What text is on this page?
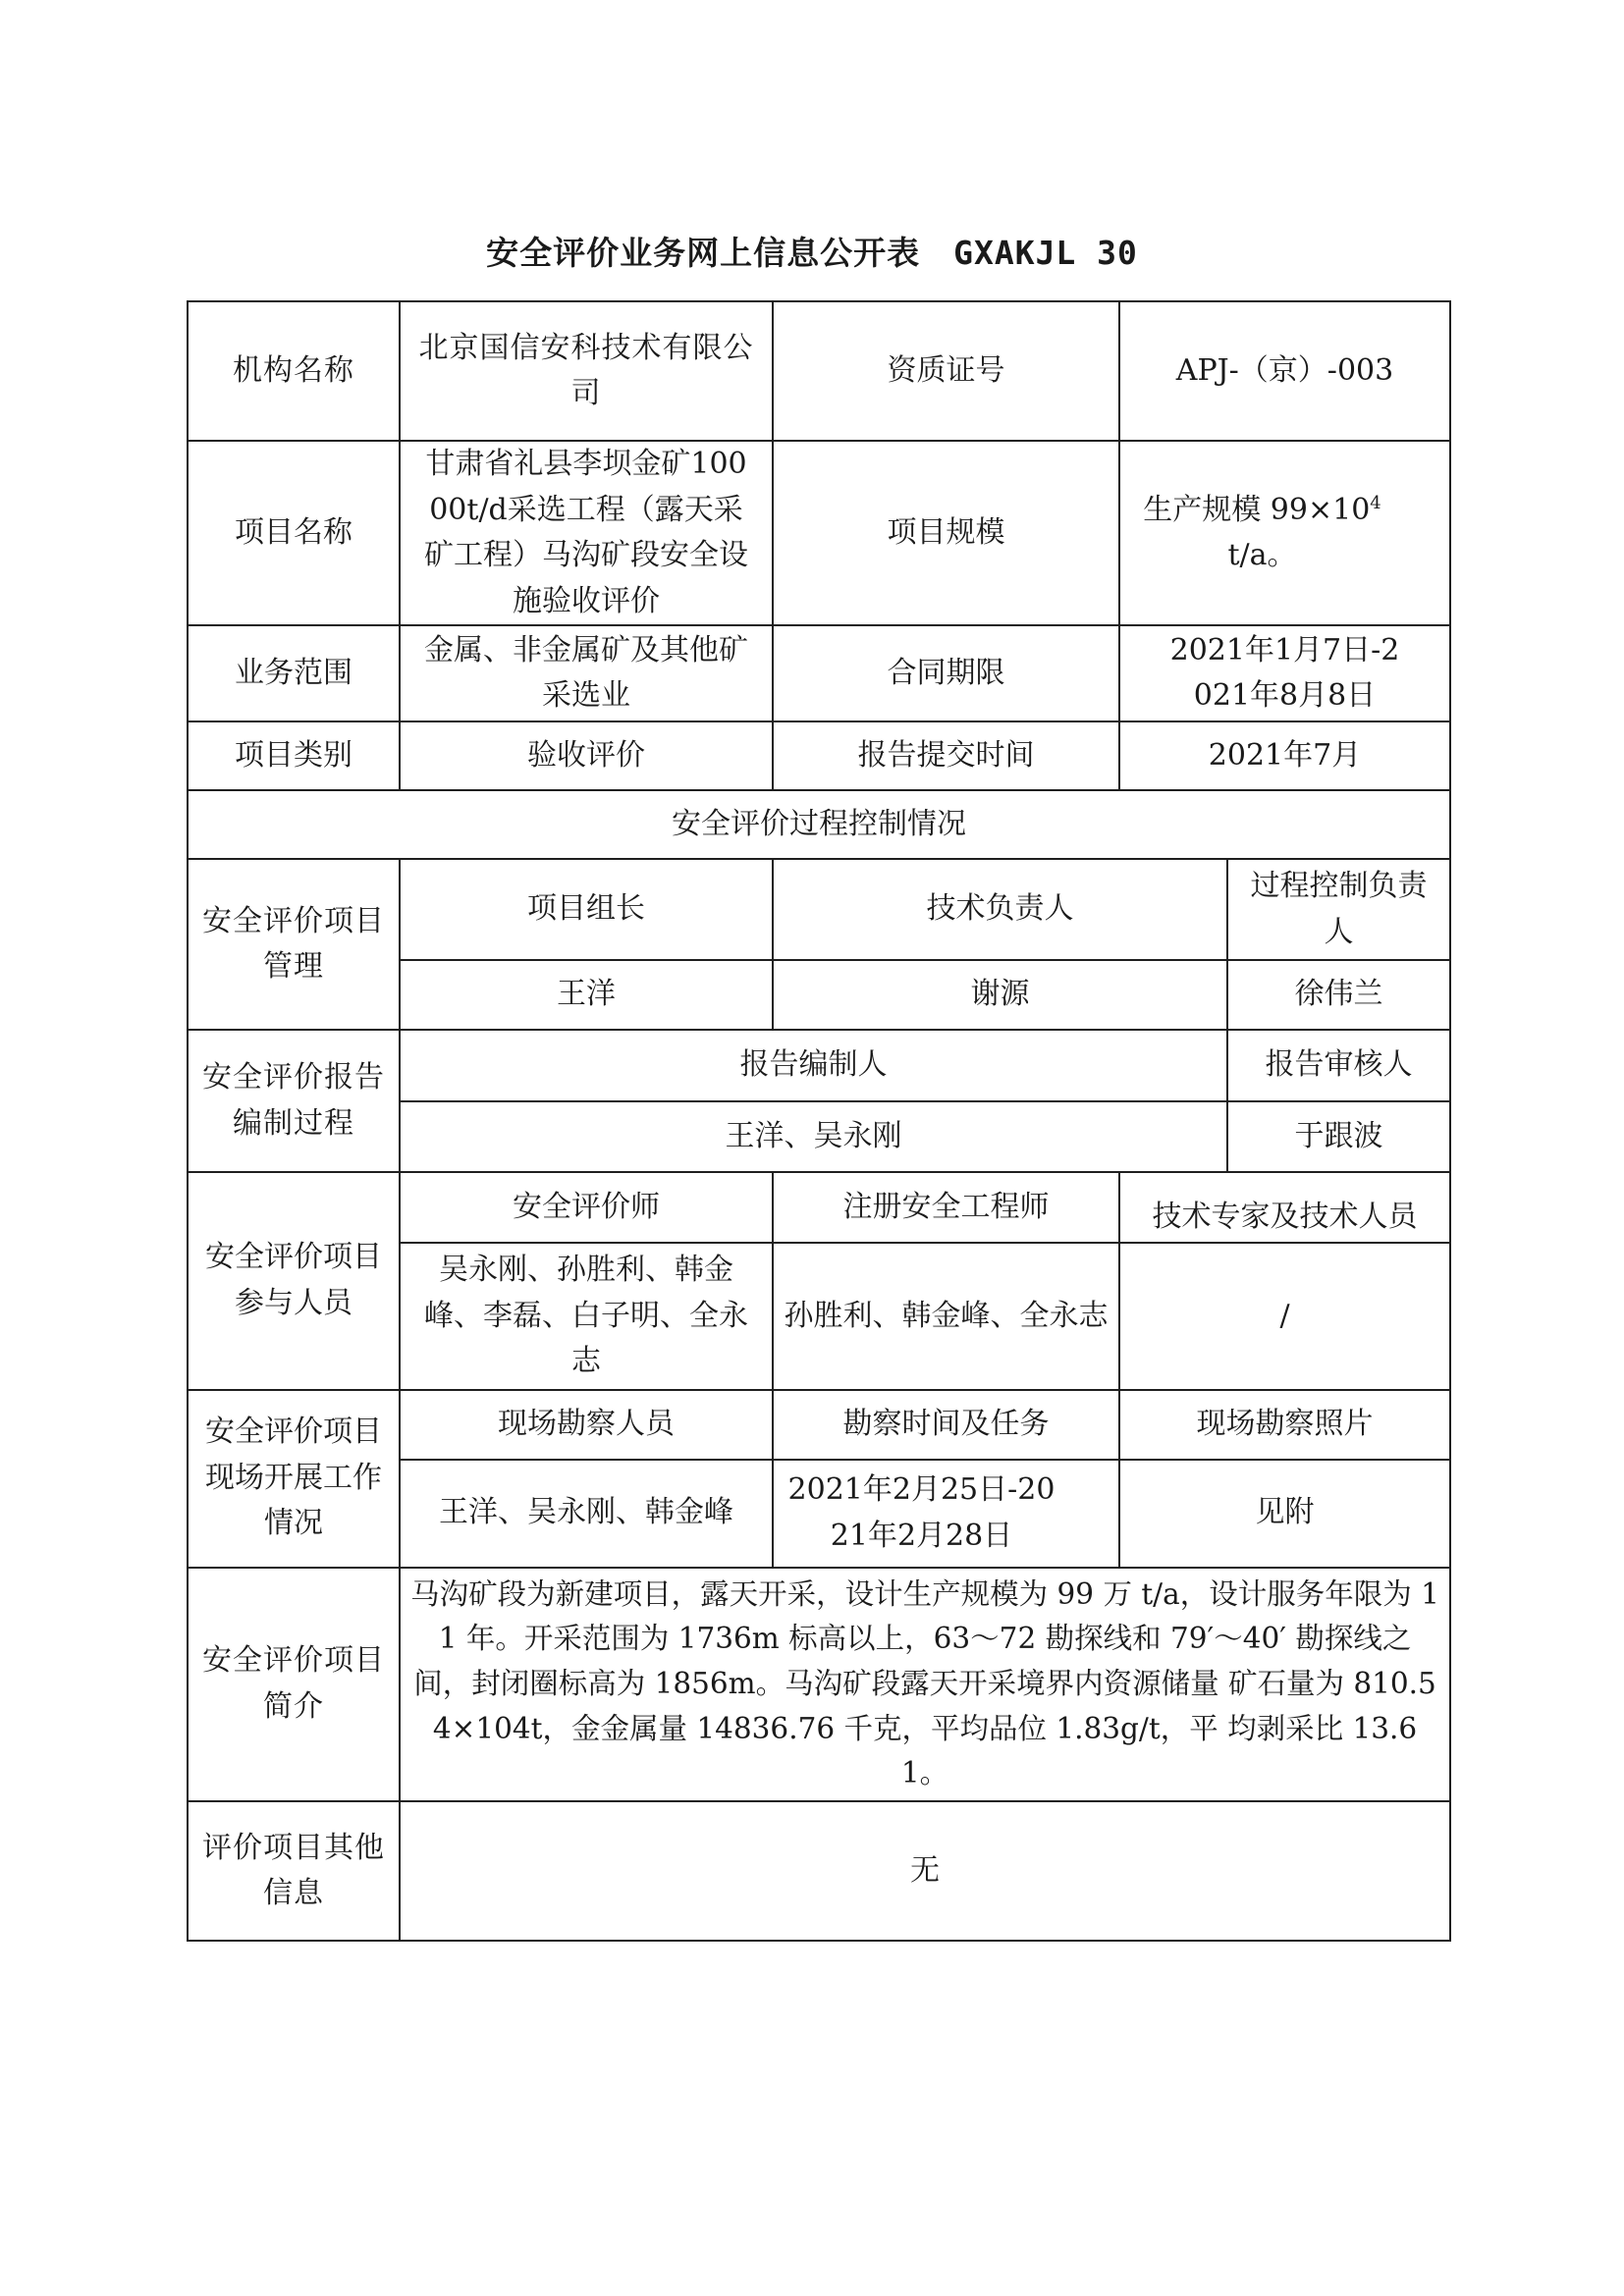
安全评价业务网上信息公开表 GXAKJL 30
机构名称	北京国信安科技术有限公司	资质证号	APJ-（京）-003	
项目名称	甘肃省礼县李坝金矿10000t/d采选工程（露天采矿工程）马沟矿段安全设施验收评价	项目规模	生产规模 $99\times 10^4t/a$。	
业务范围	金属、非金属矿及其他矿采选业	合同期限	2021年1月7日-2021年8月8日	
项目类别	验收评价	报告提交时间	2021年7月	
安全评价过程控制情况				
安全评价项目管理	项目组长	技术负责人		过程控制负责人
	王洋	谢源		徐伟兰
安全评价报告编制过程	报告编制人			报告审核人
	王洋、吴永刚			于跟波
安全评价项目参与人员	安全评价师	注册安全工程师	技术专家及技术人员	
	吴永刚、孙胜利、韩金峰、李磊、白子明、全永志	孙胜利、韩金峰、全永志	/	
安全评价项目现场开展工作情况	现场勘察人员	勘察时间及任务	现场勘察照片	
	王洋、吴永刚、韩金峰	2021年2月25日-2021年2月28日	见附	
安全评价项目简介	马沟矿段为新建项目，露天开采，设计生产规模为 99 万 t/a，设计服务年限为 11 年。开采范围为 1736m 标高以上，63～72 勘探线和 79′～40′ 勘探线之间，封闭圈标高为 1856m。马沟矿段露天开采境界内资源储量 矿石量为 810.54×104t，金金属量 14836.76 千克，平均品位 1.83g/t，平 均剥采比 13.61。			
评价项目其他信息	无			
